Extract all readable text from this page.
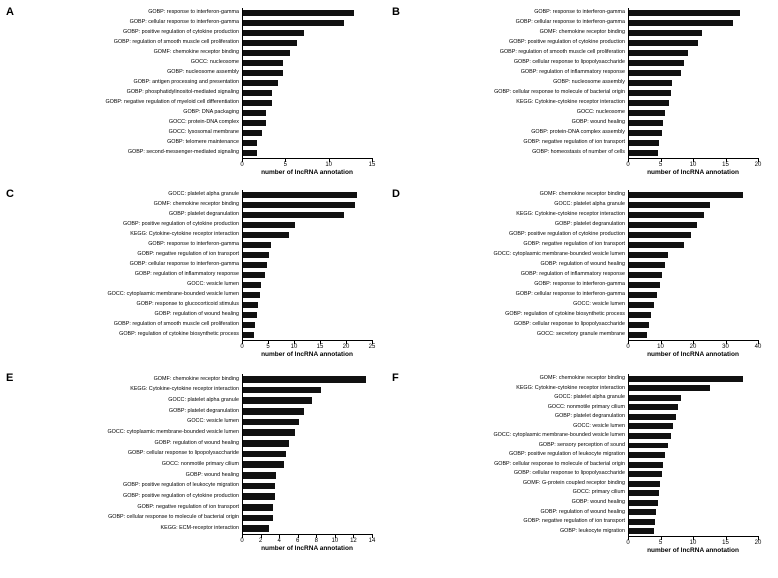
A	GOBP: response to interferon-gamma
GOBP: cellular response to interferon-gamma
GOBP: positive regulation of cytokine production
GOBP: regulation of smooth muscle cell proliferation
GOMF: chemokine receptor binding
GOCC: nucleosome
GOBP: nucleosome assembly
GOBP: antigen processing and presentation
GOBP: phosphatidylinositol-mediated signaling
GOBP: negative regulation of myeloid cell differentiation
GOBP: DNA packaging
GOCC: protein-DNA complex
GOCC: lysosomal membrane
GOBP: telomere maintenance
GOBP: second-messenger-mediated signaling
0	5	10	15
number of lncRNA annotation
B	GOBP: response to interferon-gamma
GOBP: cellular response to interferon-gamma
GOMF: chemokine receptor binding
GOBP: positive regulation of cytokine production
GOBP: regulation of smooth muscle cell proliferation
GOBP: cellular response to lipopolysaccharide
GOBP: regulation of inflammatory response
GOBP: nucleosome assembly
GOBP: cellular response to molecule of bacterial origin
KEGG: Cytokine-cytokine receptor interaction
GOCC: nucleosome
GOBP: wound healing
GOBP: protein-DNA complex assembly
GOBP: negative regulation of ion transport
GOBP: homeostasis of number of cells
0	5	10	15	20
number of lncRNA annotation
C	GOCC: platelet alpha granule
GOMF: chemokine receptor binding
GOBP: platelet degranulation
GOBP: positive regulation of cytokine production
KEGG: Cytokine-cytokine receptor interaction
GOBP: response to interferon-gamma
GOBP: negative regulation of ion transport
GOBP: cellular response to interferon-gamma
GOBP: regulation of inflammatory response
GOCC: vesicle lumen
GOCC: cytoplasmic membrane-bounded vesicle lumen
GOBP: response to glucocorticoid stimulus
GOBP: regulation of wound healing
GOBP: regulation of smooth muscle cell proliferation
GOBP: regulation of cytokine biosynthetic process
0	5	10	15	20	25
number of lncRNA annotation
D	GOMF: chemokine receptor binding
GOCC: platelet alpha granule
KEGG: Cytokine-cytokine receptor interaction
GOBP: platelet degranulation
GOBP: positive regulation of cytokine production
GOBP: negative regulation of ion transport
GOCC: cytoplasmic membrane-bounded vesicle lumen
GOBP: regulation of wound healing
GOBP: regulation of inflammatory response
GOBP: response to interferon-gamma
GOBP: cellular response to interferon-gamma
GOCC: vesicle lumen
GOBP: regulation of cytokine biosynthetic process
GOBP: cellular response to lipopolysaccharide
GOCC: secretory granule membrane
0	10	20	30	40
number of lncRNA annotation
E	GOMF: chemokine receptor binding
KEGG: Cytokine-cytokine receptor interaction
GOCC: platelet alpha granule
GOBP: platelet degranulation
GOCC: vesicle lumen
GOCC: cytoplasmic membrane-bounded vesicle lumen
GOBP: regulation of wound healing
GOBP: cellular response to lipopolysaccharide
GOCC: nonmotile primary cilium
GOBP: wound healing
GOBP: positive regulation of leukocyte migration
GOBP: positive regulation of cytokine production
GOBP: negative regulation of ion transport
GOBP: cellular response to molecule of bacterial origin
KEGG: ECM-receptor interaction
0	2	4	6	8 10 12 14
number of lncRNA annotation
F	GOMF: chemokine receptor binding
KEGG: Cytokine-cytokine receptor interaction
GOCC: platelet alpha granule
GOCC: nonmotile primary cilium
GOBP: platelet degranulation
GOCC: vesicle lumen
GOCC: cytoplasmic membrane-bounded vesicle lumen
GOBP: sensory perception of sound
GOBP: positive regulation of leukocyte migration
GOBP: cellular response to molecule of bacterial origin
GOBP: cellular response to lipopolysaccharide
GOMF: G-protein coupled receptor binding
GOCC: primary cilium
GOBP: wound healing
GOBP: regulation of wound healing
GOBP: negative regulation of ion transport
GOBP: leukocyte migration
0	5	10	15	20
number of lncRNA annotation
